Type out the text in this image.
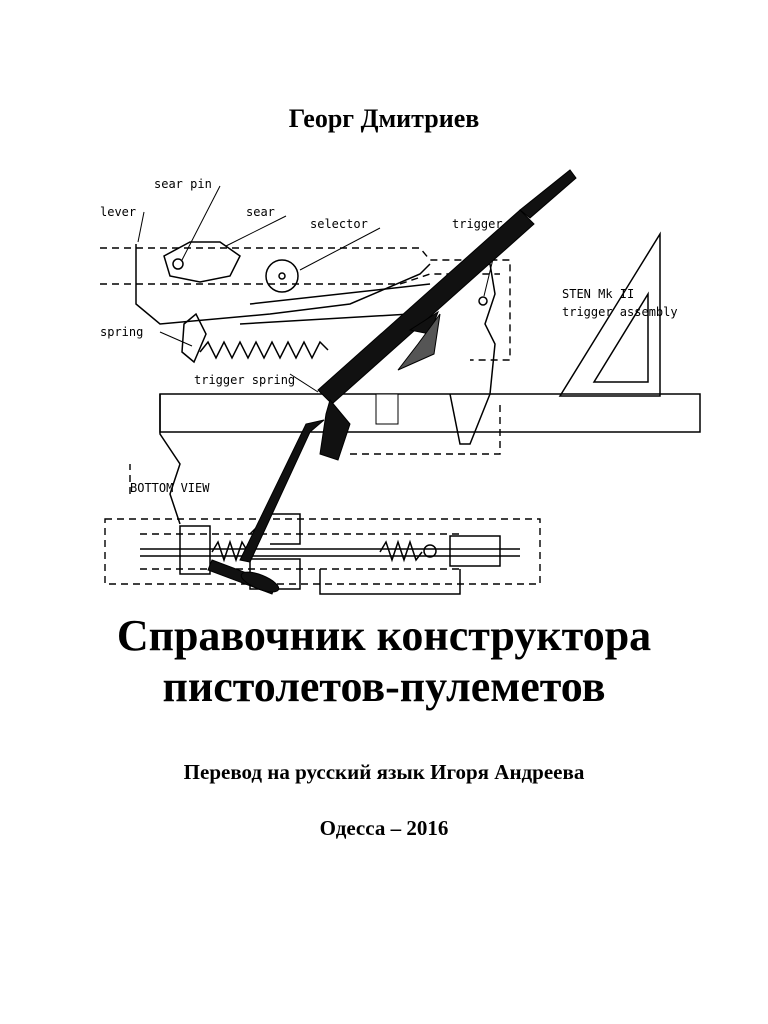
Георг Дмитриев
sear pin
lever	sear
selector	trigger
spring
trigger spring
STEN Mk II
trigger assembly
BOTTOM VIEW
Справочник конструктора
пистолетов-пулеметов
Перевод на русский язык Игоря Андреева
Одесса – 2016
